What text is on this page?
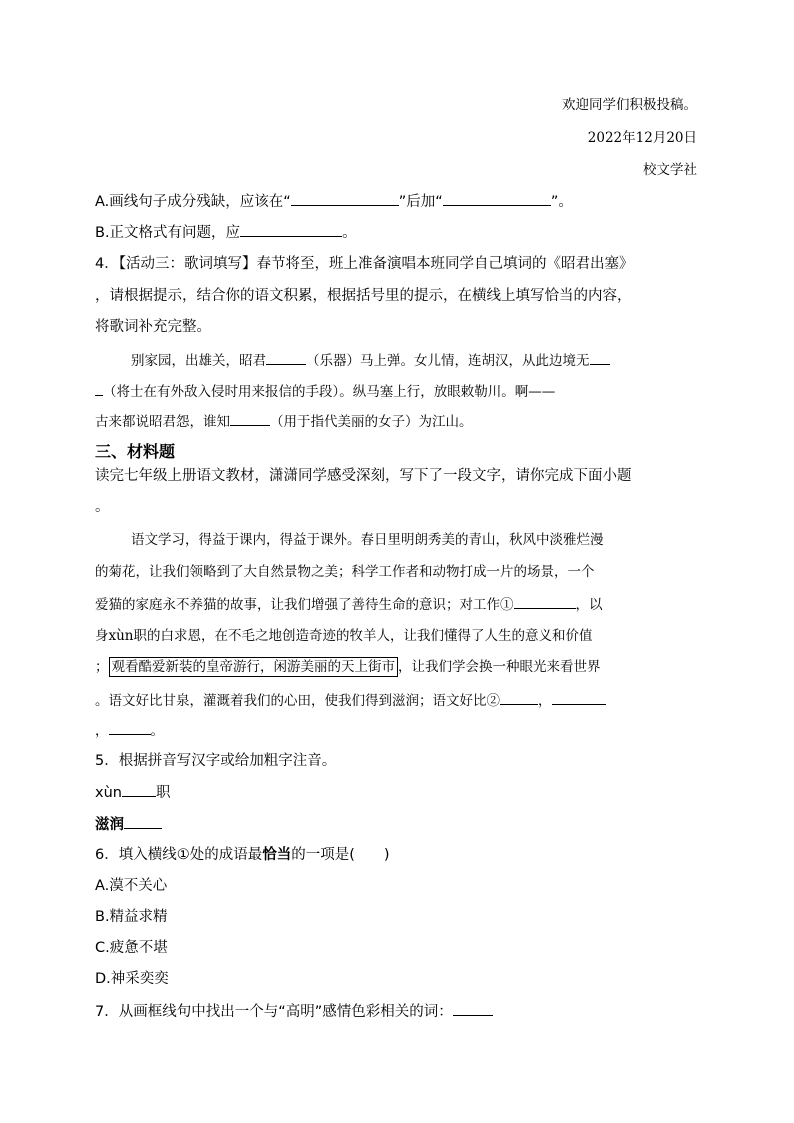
欢迎同学们积极投稿。
2022年12月20日
校文学社
A.画线句子成分残缺，应该在“	”后加“	”。
B.正文格式有问题，应	。
4．【活动三：歌词填写】春节将至，班上准备演唱本班同学自己填词的《昭君出塞》
，请根据提示，结合你的语文积累，根据括号里的提示，在横线上填写恰当的内容，
将歌词补充完整。
别家园，出雄关，昭君	（乐器）马上弹。女儿情，连胡汉，从此边境无
（将士在有外敌入侵时用来报信的手段）。纵马塞上行，放眼敕勒川。啊——
古来都说昭君怨，谁知	（用于指代美丽的女子）为江山。
三、材料题
读完七年级上册语文教材，潇潇同学感受深刻，写下了一段文字，请你完成下面小题
。
语文学习，得益于课内，得益于课外。春日里明朗秀美的青山，秋风中淡雅烂漫
的菊花，让我们领略到了大自然景物之美；科学工作者和动物打成一片的场景，一个
爱猫的家庭永不养猫的故事，让我们增强了善待生命的意识；对工作①	，以
身xùn职的白求恩，在不毛之地创造奇迹的牧羊人，让我们懂得了人生的意义和价值
； 观看酷爱新装的皇帝游行，闲游美丽的天上街市 ，让我们学会换一种眼光来看世界
。语文好比甘泉，灌溉着我们的心田，使我们得到滋润；语文好比②	，
，	。
5．根据拼音写汉字或给加粗字注音。
xùn 职
滋润
6．填入横线①处的成语最恰当的一项是(　　)
A.漠不关心
B.精益求精
C.疲惫不堪
D.神采奕奕
7．从画框线句中找出一个与“高明”感情色彩相关的词：
